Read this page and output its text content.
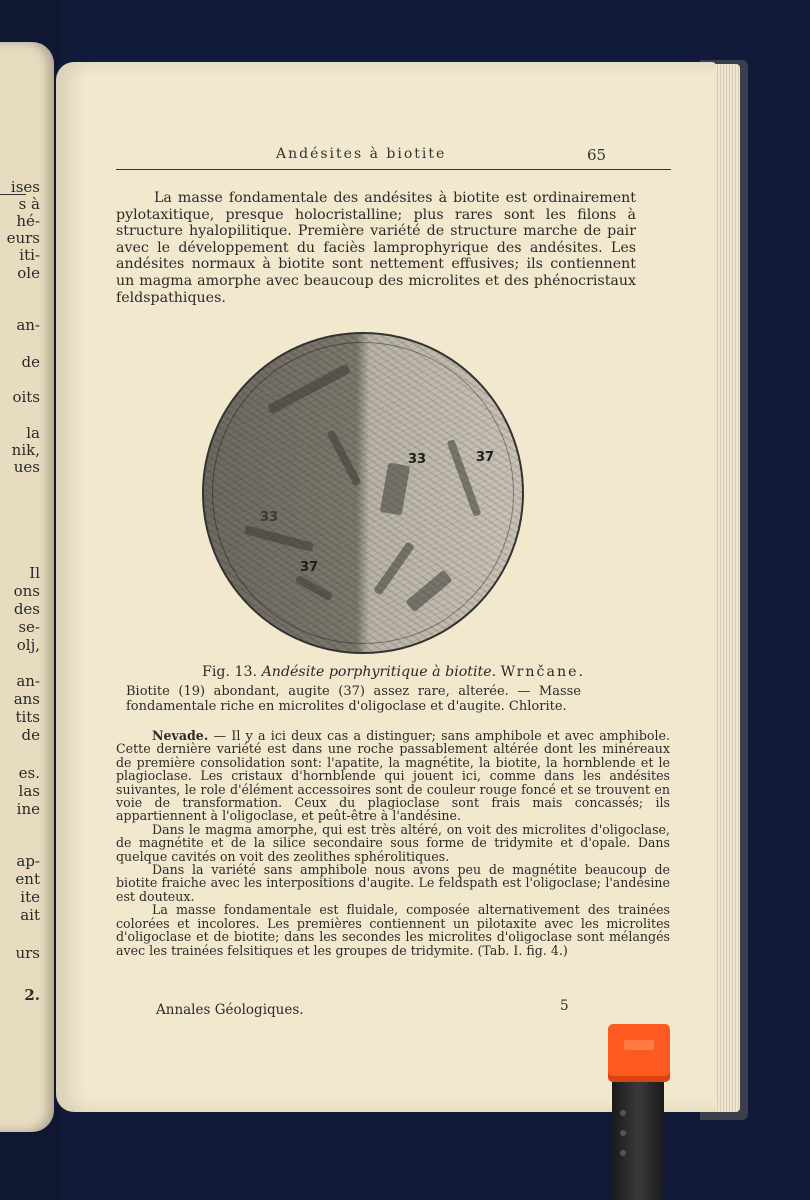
ises
s à
hé-
eurs
iti-
ole
an-
de
oits
la
nik,
ues
Il
ons
des
se-
olj,
an-
ans
tits
de
es.
las
ine
ap-
ent
ite
ait
urs
2.
Andésites à biotite	65

La masse fondamentale des andésites à biotite est ordinairement pylotaxitique, presque holocristalline; plus rares sont les filons à structure hyalopilitique. Première variété de structure marche de pair avec le développement du faciès lamprophyrique des andésites. Les andésites normaux à biotite sont nettement effusives; ils contiennent un magma amorphe avec beaucoup des microlites et des phénocristaux feldspathiques.

33	37
33
37
Fig. 13. Andésite porphyritique à biotite. Wrnčane.

Biotite (19) abondant, augite (37) assez rare, alterée. — Masse fondamentale riche en microlites d'oligoclase et d'augite. Chlorite.

Nevade. — Il y a ici deux cas a distinguer; sans amphibole et avec amphibole. Cette dernière variété est dans une roche passablement altérée dont les minéreaux de première consolidation sont: l'apatite, la magnétite, la biotite, la hornblende et le plagioclase. Les cristaux d'hornblende qui jouent ici, comme dans les andésites suivantes, le role d'élément accessoires sont de couleur rouge foncé et se trouvent en voie de transformation. Ceux du plagioclase sont frais mais concassés; ils appartiennent à l'oligoclase, et peût-être à l'andésine.

Dans le magma amorphe, qui est très altéré, on voit des microlites d'oligoclase, de magnétite et de la silice secondaire sous forme de tridymite et d'opale. Dans quelque cavités on voit des zeolithes sphérolitiques.

Dans la variété sans amphibole nous avons peu de magnétite beaucoup de biotite fraiche avec les interpositions d'augite. Le feldspath est l'oligoclase; l'andésine est douteux.

La masse fondamentale est fluidale, composée alternativement des trainées colorées et incolores. Les premières contiennent un pilotaxite avec les microlites d'oligoclase et de biotite; dans les secondes les microlites d'oligoclase sont mélangés avec les trainées felsitiques et les groupes de tridymite. (Tab. I. fig. 4.)

Annales Géologiques.	5
